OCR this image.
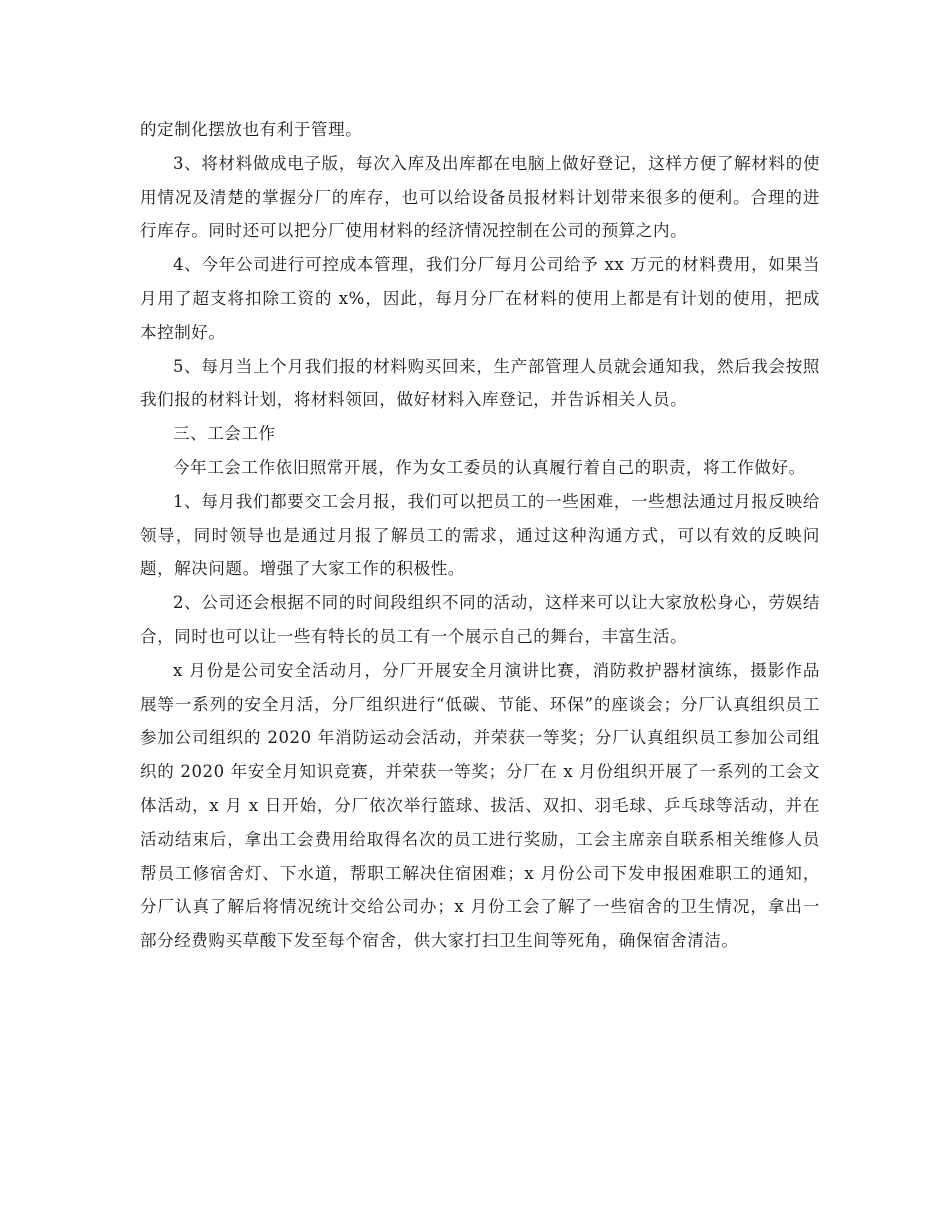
的定制化摆放也有利于管理。

3、将材料做成电子版，每次入库及出库都在电脑上做好登记，这样方便了解材料的使用情况及清楚的掌握分厂的库存，也可以给设备员报材料计划带来很多的便利。合理的进行库存。同时还可以把分厂使用材料的经济情况控制在公司的预算之内。

4、今年公司进行可控成本管理，我们分厂每月公司给予 xx 万元的材料费用，如果当月用了超支将扣除工资的 x%，因此，每月分厂在材料的使用上都是有计划的使用，把成本控制好。

5、每月当上个月我们报的材料购买回来，生产部管理人员就会通知我，然后我会按照我们报的材料计划，将材料领回，做好材料入库登记，并告诉相关人员。

三、工会工作

今年工会工作依旧照常开展，作为女工委员的认真履行着自己的职责，将工作做好。

1、每月我们都要交工会月报，我们可以把员工的一些困难，一些想法通过月报反映给领导，同时领导也是通过月报了解员工的需求，通过这种沟通方式，可以有效的反映问题，解决问题。增强了大家工作的积极性。

2、公司还会根据不同的时间段组织不同的活动，这样来可以让大家放松身心，劳娱结合，同时也可以让一些有特长的员工有一个展示自己的舞台，丰富生活。

x 月份是公司安全活动月，分厂开展安全月演讲比赛，消防救护器材演练，摄影作品展等一系列的安全月活，分厂组织进行“低碳、节能、环保”的座谈会；分厂认真组织员工参加公司组织的 2020 年消防运动会活动，并荣获一等奖；分厂认真组织员工参加公司组织的 2020 年安全月知识竞赛，并荣获一等奖；分厂在 x 月份组织开展了一系列的工会文体活动，x 月 x 日开始，分厂依次举行篮球、拔活、双扣、羽毛球、乒乓球等活动，并在活动结束后，拿出工会费用给取得名次的员工进行奖励，工会主席亲自联系相关维修人员帮员工修宿舍灯、下水道，帮职工解决住宿困难；x 月份公司下发申报困难职工的通知，分厂认真了解后将情况统计交给公司办；x 月份工会了解了一些宿舍的卫生情况，拿出一部分经费购买草酸下发至每个宿舍，供大家打扫卫生间等死角，确保宿舍清洁。
